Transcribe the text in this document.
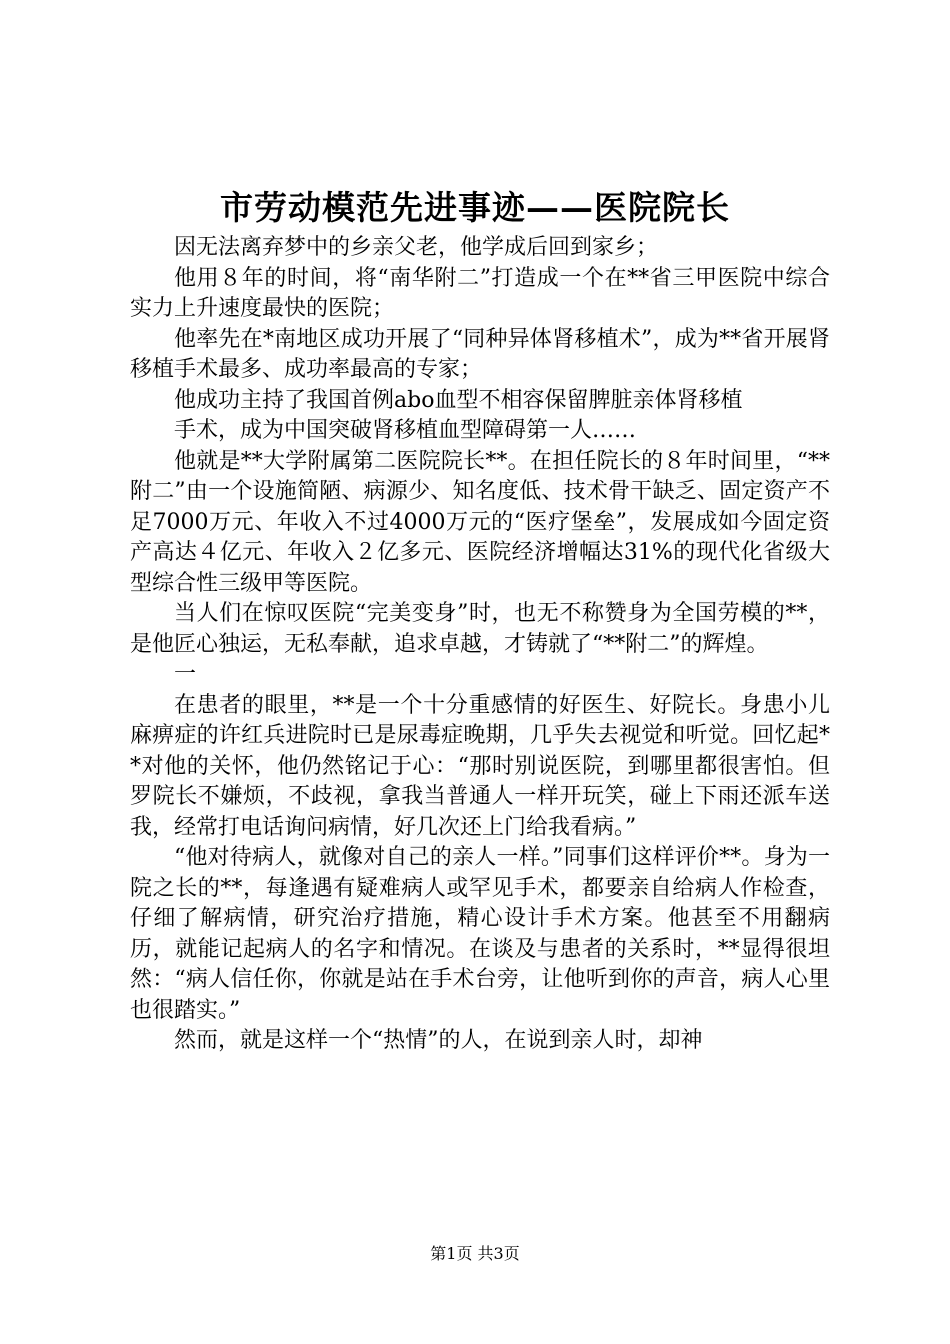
市劳动模范先进事迹——医院院长

因无法离弃梦中的乡亲父老，他学成后回到家乡；

他用８年的时间，将“南华附二”打造成一个在**省三甲医院中综合实力上升速度最快的医院；

他率先在*南地区成功开展了“同种异体肾移植术”，成为**省开展肾移植手术最多、成功率最高的专家；

他成功主持了我国首例abo血型不相容保留脾脏亲体肾移植

手术，成为中国突破肾移植血型障碍第一人……

他就是**大学附属第二医院院长**。在担任院长的８年时间里，“**附二”由一个设施简陋、病源少、知名度低、技术骨干缺乏、固定资产不足7000万元、年收入不过4000万元的“医疗堡垒”，发展成如今固定资产高达４亿元、年收入２亿多元、医院经济增幅达31%的现代化省级大型综合性三级甲等医院。

当人们在惊叹医院“完美变身”时，也无不称赞身为全国劳模的**，是他匠心独运，无私奉献，追求卓越，才铸就了“**附二”的辉煌。

一

在患者的眼里，**是一个十分重感情的好医生、好院长。身患小儿麻痹症的许红兵进院时已是尿毒症晚期，几乎失去视觉和听觉。回忆起**对他的关怀，他仍然铭记于心：“那时别说医院，到哪里都很害怕。但罗院长不嫌烦，不歧视，拿我当普通人一样开玩笑，碰上下雨还派车送我，经常打电话询问病情，好几次还上门给我看病。”

“他对待病人，就像对自己的亲人一样。”同事们这样评价**。身为一院之长的**，每逢遇有疑难病人或罕见手术，都要亲自给病人作检查，仔细了解病情，研究治疗措施，精心设计手术方案。他甚至不用翻病历，就能记起病人的名字和情况。在谈及与患者的关系时，**显得很坦然：“病人信任你，你就是站在手术台旁，让他听到你的声音，病人心里也很踏实。”

然而，就是这样一个“热情”的人，在说到亲人时，却神

第1页 共3页
